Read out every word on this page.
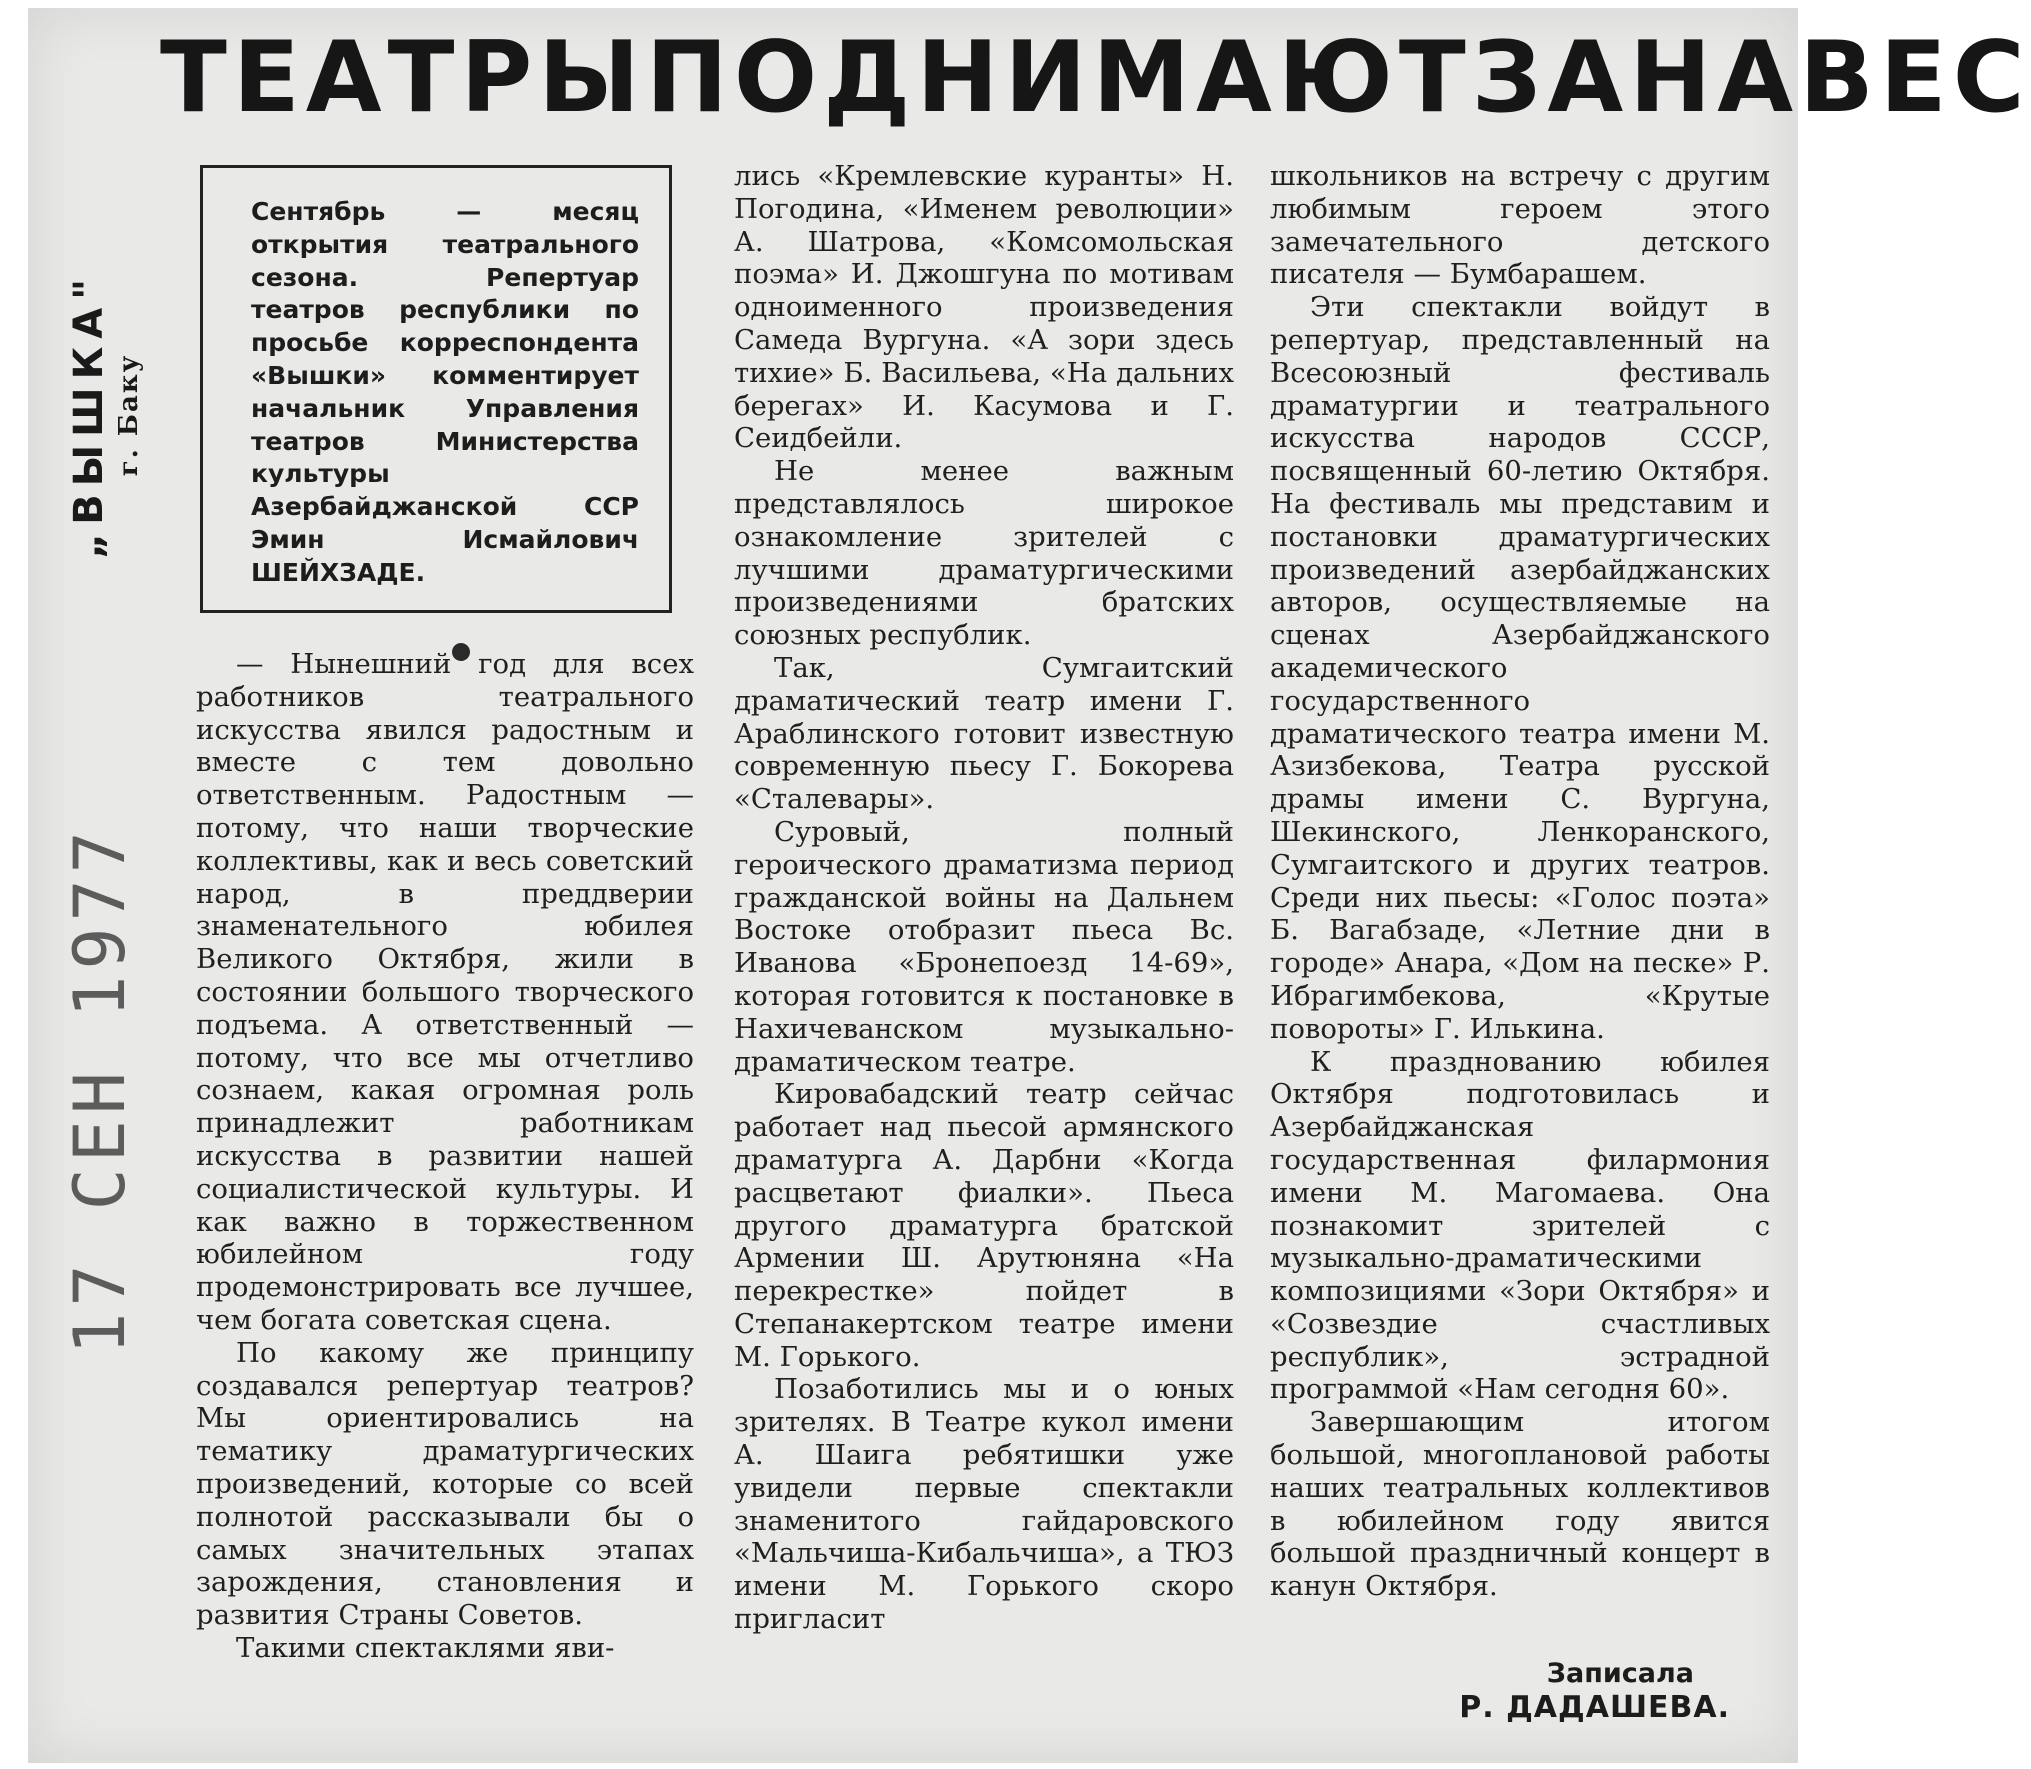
ТЕАТРЫ ПОДНИМАЮТ ЗАНАВЕС
„ВЫШКА" г. Баку
17 СЕН 1977
Сентябрь — месяц открытия театрального сезона. Репертуар театров республики по просьбе корреспондента «Вышки» комментирует начальник Управления театров Министерства культуры Азербайджанской ССР Эмин Исмайлович ШЕЙХЗАДЕ.

— Нынешний год для всех работников театрального искусства явился радостным и вместе с тем довольно ответственным. Радостным — потому, что наши творческие коллективы, как и весь советский народ, в преддверии знаменательного юбилея Великого Октября, жили в состоянии большого творческого подъема. А ответственный — потому, что все мы отчетливо сознаем, какая огромная роль принадлежит работникам искусства в развитии нашей социалистической культуры. И как важно в торжественном юбилейном году продемонстрировать все лучшее, чем богата советская сцена.

По какому же принципу создавался репертуар театров? Мы ориентировались на тематику драматургических произведений, которые со всей полнотой рассказывали бы о самых значительных этапах зарождения, становления и развития Страны Советов.

Такими спектаклями яви-

лись «Кремлевские куранты» Н. Погодина, «Именем революции» А. Шатрова, «Комсомольская поэма» И. Джошгуна по мотивам одноименного произведения Самеда Вургуна. «А зори здесь тихие» Б. Васильева, «На дальних берегах» И. Касумова и Г. Сеидбейли.

Не менее важным представлялось широкое ознакомление зрителей с лучшими драматургическими произведениями братских союзных республик.

Так, Сумгаитский драматический театр имени Г. Араблинского готовит известную современную пьесу Г. Бокорева «Сталевары».

Суровый, полный героического драматизма период гражданской войны на Дальнем Востоке отобразит пьеса Вс. Иванова «Бронепоезд 14-69», которая готовится к постановке в Нахичеванском музыкально-драматическом театре.

Кировабадский театр сейчас работает над пьесой армянского драматурга А. Дарбни «Когда расцветают фиалки». Пьеса другого драматурга братской Армении Ш. Арутюняна «На перекрестке» пойдет в Степанакертском театре имени М. Горького.

Позаботились мы и о юных зрителях. В Театре кукол имени А. Шаига ребятишки уже увидели первые спектакли знаменитого гайдаровского «Мальчиша-Кибальчиша», а ТЮЗ имени М. Горького скоро пригласит

школьников на встречу с другим любимым героем этого замечательного детского писателя — Бумбарашем.

Эти спектакли войдут в репертуар, представленный на Всесоюзный фестиваль драматургии и театрального искусства народов СССР, посвященный 60-летию Октября. На фестиваль мы представим и постановки драматургических произведений азербайджанских авторов, осуществляемые на сценах Азербайджанского академического государственного драматического театра имени М. Азизбекова, Театра русской драмы имени С. Вургуна, Шекинского, Ленкоранского, Сумгаитского и других театров. Среди них пьесы: «Голос поэта» Б. Вагабзаде, «Летние дни в городе» Анара, «Дом на песке» Р. Ибрагимбекова, «Крутые повороты» Г. Илькина.

К празднованию юбилея Октября подготовилась и Азербайджанская государственная филармония имени М. Магомаева. Она познакомит зрителей с музыкально-драматическими композициями «Зори Октября» и «Созвездие счастливых республик», эстрадной программой «Нам сегодня 60».

Завершающим итогом большой, многоплановой работы наших театральных коллективов в юбилейном году явится большой праздничный концерт в канун Октября.

Записала
Р. ДАДАШЕВА.
